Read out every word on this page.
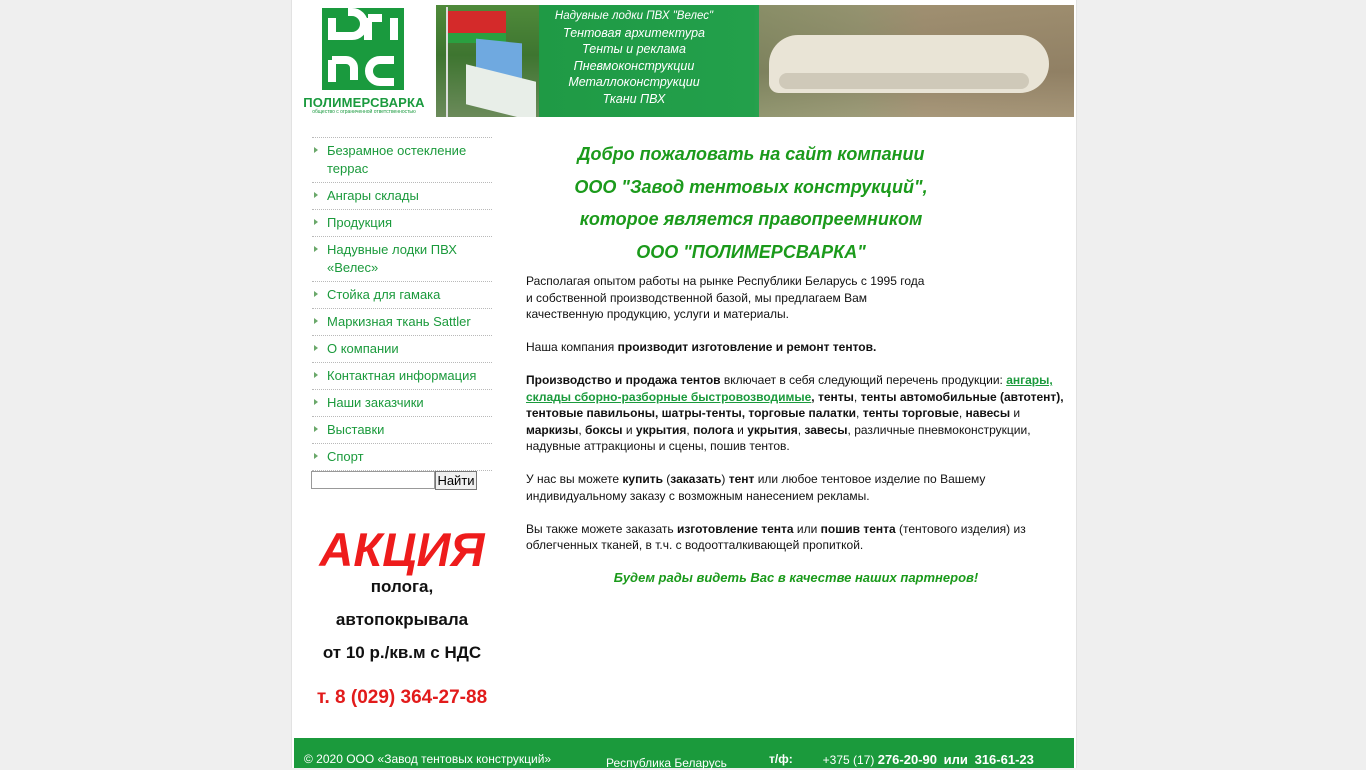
ПОЛИМЕРСВАРКА
общество с ограниченной ответственностью
Надувные лодки ПВХ "Велес"
Тентовая архитектура
Тенты и реклама
Пневмоконструкции
Металлоконструкции
Ткани ПВХ
Безрамное остекление террас
Ангары склады
Продукция
Надувные лодки ПВХ «Велес»
Стойка для гамака
Маркизная ткань Sattler
О компании
Контактная информация
Наши заказчики
Выставки
Спорт
Найти
АКЦИЯ
полога,
автопокрывала
от 10 р./кв.м с НДС
т. 8 (029) 364-27-88
Добро пожаловать на сайт компании
ООО "Завод тентовых конструкций",
которое является правопреемником
ООО "ПОЛИМЕРСВАРКА"

Располагая опытом работы на рынке Республики Беларусь с 1995 года
и собственной производственной базой, мы предлагаем Вам
качественную продукцию, услуги и материалы.

Наша компания производит изготовление и ремонт тентов.

Производство и продажа тентов включает в себя следующий перечень продукции: ангары,
склады сборно-разборные быстровозводимые, тенты, тенты автомобильные (автотент),
тентовые павильоны, шатры-тенты, торговые палатки, тенты торговые, навесы и
маркизы, боксы и укрытия, полога и укрытия, завесы, различные пневмоконструкции,
надувные аттракционы и сцены, пошив тентов.

У нас вы можете купить (заказать) тент или любое тентовое изделие по Вашему
индивидуальному заказу с возможным нанесением рекламы.

Вы также можете заказать изготовление тента или пошив тента (тентового изделия) из
облегченных тканей, в т.ч. с водоотталкивающей пропиткой.

Будем рады видеть Вас в качестве наших партнеров!
© 2020 ООО «Завод тентовых конструкций»	Республика Беларусь	т/ф:	+375 (17) 276-20-90 или 316-61-23
